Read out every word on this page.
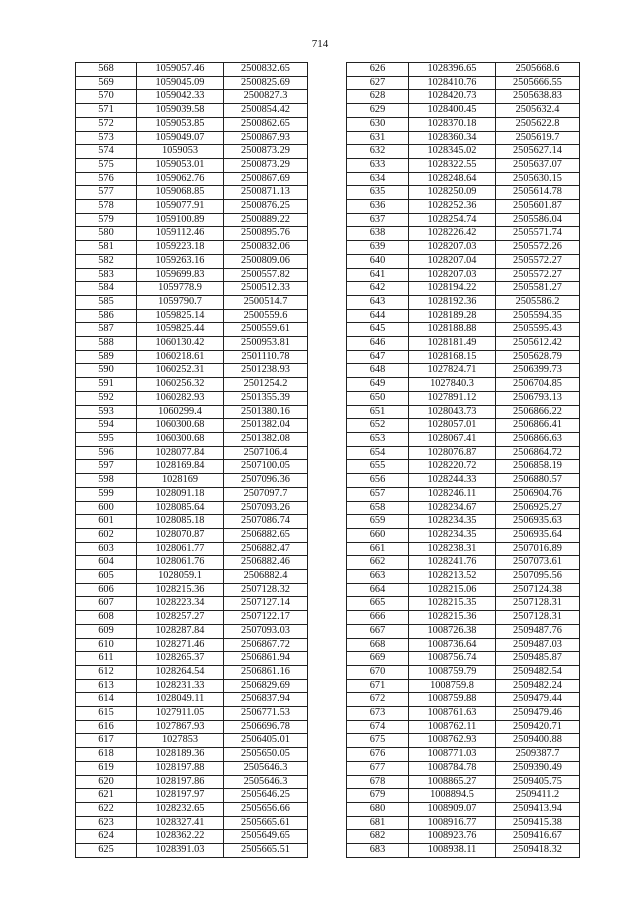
714
568	1059057.46	2500832.65
569	1059045.09	2500825.69
570	1059042.33	2500827.3
571	1059039.58	2500854.42
572	1059053.85	2500862.65
573	1059049.07	2500867.93
574	1059053	2500873.29
575	1059053.01	2500873.29
576	1059062.76	2500867.69
577	1059068.85	2500871.13
578	1059077.91	2500876.25
579	1059100.89	2500889.22
580	1059112.46	2500895.76
581	1059223.18	2500832.06
582	1059263.16	2500809.06
583	1059699.83	2500557.82
584	1059778.9	2500512.33
585	1059790.7	2500514.7
586	1059825.14	2500559.6
587	1059825.44	2500559.61
588	1060130.42	2500953.81
589	1060218.61	2501110.78
590	1060252.31	2501238.93
591	1060256.32	2501254.2
592	1060282.93	2501355.39
593	1060299.4	2501380.16
594	1060300.68	2501382.04
595	1060300.68	2501382.08
596	1028077.84	2507106.4
597	1028169.84	2507100.05
598	1028169	2507096.36
599	1028091.18	2507097.7
600	1028085.64	2507093.26
601	1028085.18	2507086.74
602	1028070.87	2506882.65
603	1028061.77	2506882.47
604	1028061.76	2506882.46
605	1028059.1	2506882.4
606	1028215.36	2507128.32
607	1028223.34	2507127.14
608	1028257.27	2507122.17
609	1028287.84	2507093.03
610	1028271.46	2506867.72
611	1028265.37	2506861.94
612	1028264.54	2506861.16
613	1028231.33	2506829.69
614	1028049.11	2506837.94
615	1027911.05	2506771.53
616	1027867.93	2506696.78
617	1027853	2506405.01
618	1028189.36	2505650.05
619	1028197.88	2505646.3
620	1028197.86	2505646.3
621	1028197.97	2505646.25
622	1028232.65	2505656.66
623	1028327.41	2505665.61
624	1028362.22	2505649.65
625	1028391.03	2505665.51
626	1028396.65	2505668.6
627	1028410.76	2505666.55
628	1028420.73	2505638.83
629	1028400.45	2505632.4
630	1028370.18	2505622.8
631	1028360.34	2505619.7
632	1028345.02	2505627.14
633	1028322.55	2505637.07
634	1028248.64	2505630.15
635	1028250.09	2505614.78
636	1028252.36	2505601.87
637	1028254.74	2505586.04
638	1028226.42	2505571.74
639	1028207.03	2505572.26
640	1028207.04	2505572.27
641	1028207.03	2505572.27
642	1028194.22	2505581.27
643	1028192.36	2505586.2
644	1028189.28	2505594.35
645	1028188.88	2505595.43
646	1028181.49	2505612.42
647	1028168.15	2505628.79
648	1027824.71	2506399.73
649	1027840.3	2506704.85
650	1027891.12	2506793.13
651	1028043.73	2506866.22
652	1028057.01	2506866.41
653	1028067.41	2506866.63
654	1028076.87	2506864.72
655	1028220.72	2506858.19
656	1028244.33	2506880.57
657	1028246.11	2506904.76
658	1028234.67	2506925.27
659	1028234.35	2506935.63
660	1028234.35	2506935.64
661	1028238.31	2507016.89
662	1028241.76	2507073.61
663	1028213.52	2507095.56
664	1028215.06	2507124.38
665	1028215.35	2507128.31
666	1028215.36	2507128.31
667	1008726.38	2509487.76
668	1008736.64	2509487.03
669	1008756.74	2509485.87
670	1008759.79	2509482.54
671	1008759.8	2509482.24
672	1008759.88	2509479.44
673	1008761.63	2509479.46
674	1008762.11	2509420.71
675	1008762.93	2509400.88
676	1008771.03	2509387.7
677	1008784.78	2509390.49
678	1008865.27	2509405.75
679	1008894.5	2509411.2
680	1008909.07	2509413.94
681	1008916.77	2509415.38
682	1008923.76	2509416.67
683	1008938.11	2509418.32
